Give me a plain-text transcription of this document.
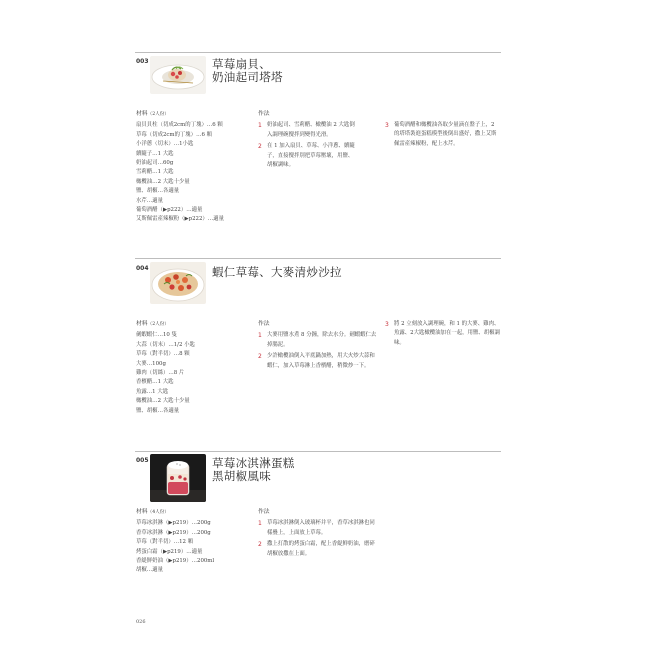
003	草莓扇貝、
奶油起司塔塔
材料（2人份）
扇貝貝柱（切成2cm的丁塊）…6 顆
草莓（切成2cm的丁塊）…6 顆
小洋蔥（切末）…1小匙
續隨子…1 大匙
奶油起司…60g
雪莉醋…1 大匙
橄欖油…2 大匙十少量
鹽、胡椒…各適量
水芹…適量
葡萄酒醋（▶p222）…適量
艾斯佩雷產辣椒粉（▶p222）…適量
作法
1 奶油起司、雪莉醋、橄欖油 2 大匙倒入調理碗攪拌到變得光滑。
2 在 1 加入扇貝、草莓、小洋蔥、續隨子，直接攪拌別把草莓壓壞，用鹽、胡椒調味。
3 葡萄酒醋和橄欖油各取少量滴在盤子上，2 的塔塔裝進蛋糕模型後倒出盛好，撒上艾斯佩雷產辣椒粉，配上水芹。
004	蝦仁草莓、大麥清炒沙拉
材料（2人份）
劍蝦蝦仁…10 隻
大蒜（切末）…1/2 小匙
草莓（對半切）…8 顆
大麥…100g
雞肉（切絲）…8 片
香檳醋…1 大匙
魚露…1 大匙
橄欖油…2 大匙十少量
鹽、胡椒…各適量
作法
1 大麥用鹽水煮 8 分鐘，除去水分。劍蝦蝦仁去掉腸泥。
2 少許橄欖油倒入平底鍋加熱，用大火炒大蒜和蝦仁，加入草莓淋上香檳醋，稍微炒一下。
3 將 2 立刻放入調理碗，和 1 的大麥、雞肉、魚露、2大匙橄欖油加在一起，用鹽、胡椒調味。
005	草莓冰淇淋蛋糕
黑胡椒風味
材料（4人份）
草莓冰淇淋（▶p219）…200g
香草冰淇淋（▶p219）…200g
草莓（對半切）…12 顆
烤蛋白霜（▶p219）…適量
香緹鮮奶油（▶p219）…200ml
胡椒…適量
作法
1 草莓冰淇淋倒入玻璃杯并平，香草冰淇淋也同樣疊上，上面放上草莓。
2 撒上打散的烤蛋白霜，配上香緹鮮奶油，磨碎胡椒放撒在上面。
026
